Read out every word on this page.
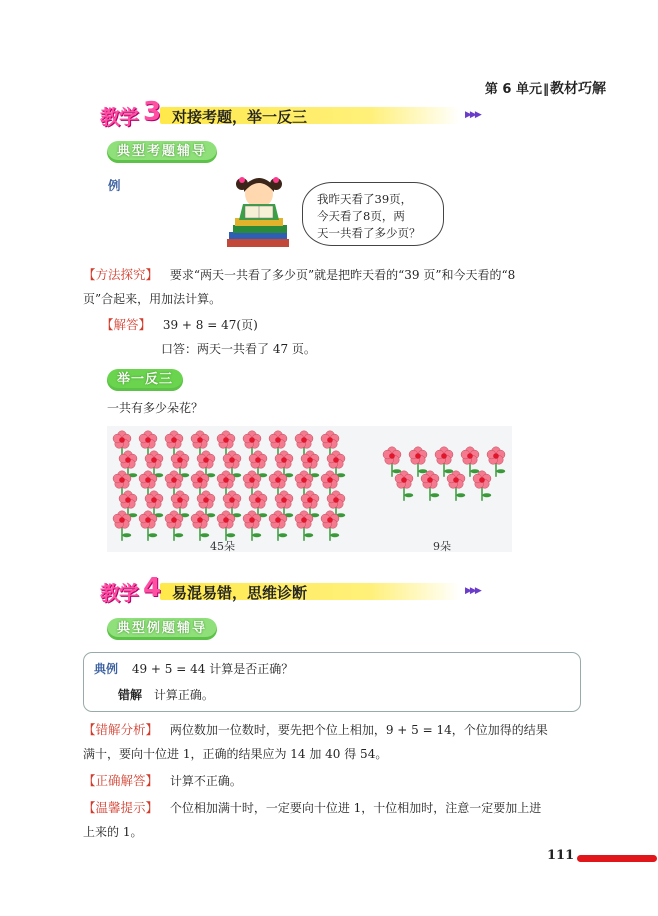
第 6 单元‖教材巧解
教学 3 对接考题，举一反三	▶▶▶
典型考题辅导
例
我昨天看了39页，
今天看了8页，两
天一共看了多少页？
【方法探究】 要求“两天一共看了多少页”就是把昨天看的“39 页”和今天看的“8
页”合起来，用加法计算。
【解答】 39 + 8 = 47(页)
口答：两天一共看了 47 页。
举一反三
一共有多少朵花？
45朵	9朵
教学 4 易混易错，思维诊断	▶▶▶
典型例题辅导
典例 49 + 5 = 44 计算是否正确？
错解 计算正确。
【错解分析】 两位数加一位数时，要先把个位上相加，9 + 5 = 14，个位加得的结果
满十，要向十位进 1，正确的结果应为 14 加 40 得 54。
【正确解答】 计算不正确。
【温馨提示】 个位相加满十时，一定要向十位进 1，十位相加时，注意一定要加上进
上来的 1。
111
